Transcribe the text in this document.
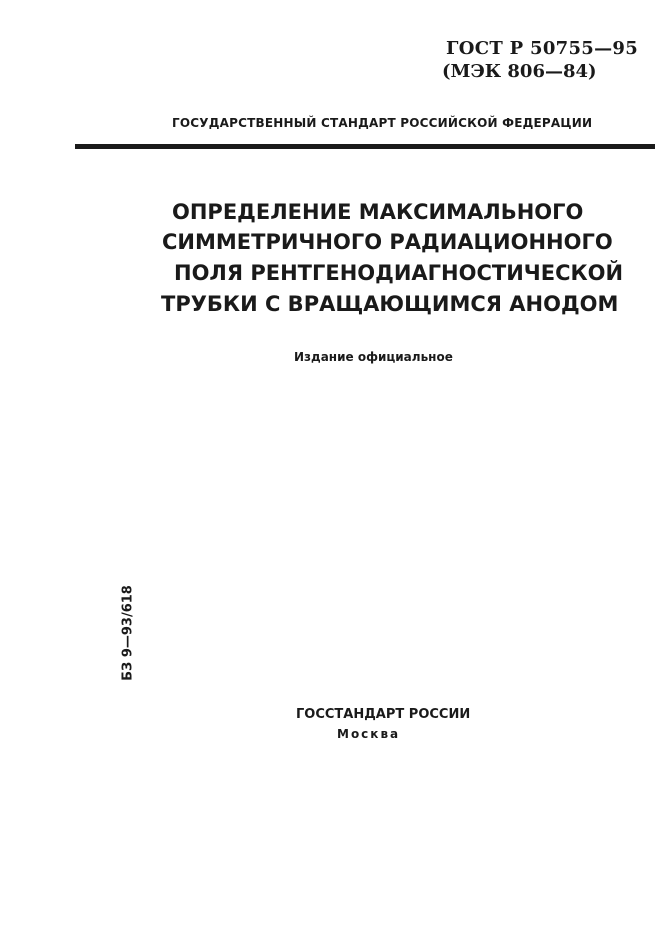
ГОСТ Р 50755—95
(МЭК 806—84)
ГОСУДАРСТВЕННЫЙ СТАНДАРТ РОССИЙСКОЙ ФЕДЕРАЦИИ
ОПРЕДЕЛЕНИЕ МАКСИМАЛЬНОГО
СИММЕТРИЧНОГО РАДИАЦИОННОГО
ПОЛЯ РЕНТГЕНОДИАГНОСТИЧЕСКОЙ
ТРУБКИ С ВРАЩАЮЩИМСЯ АНОДОМ
Издание официальное
БЗ 9—93/618
ГОССТАНДАРТ РОССИИ
Москва
